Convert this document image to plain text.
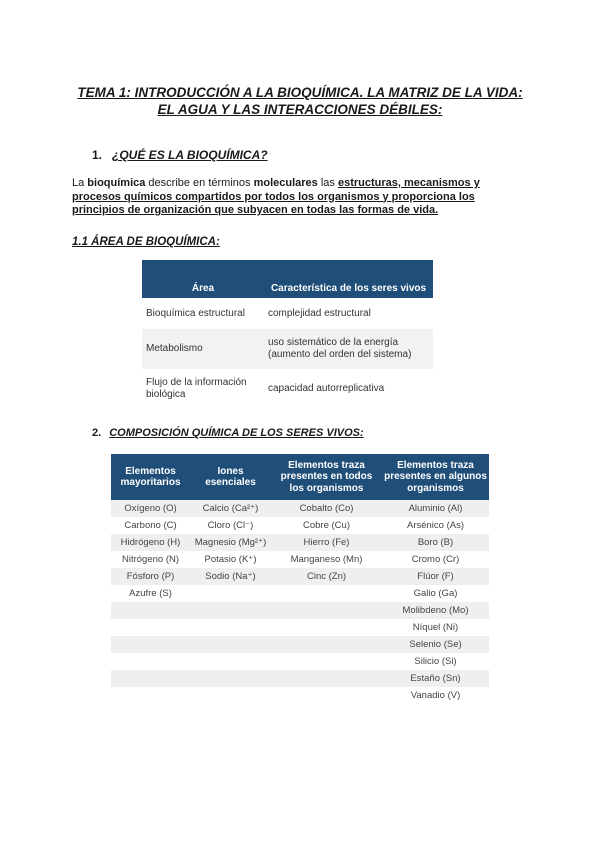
TEMA 1: INTRODUCCIÓN A LA BIOQUÍMICA. LA MATRIZ DE LA VIDA:
EL AGUA Y LAS INTERACCIONES DÉBILES:
1. ¿QUÉ ES LA BIOQUÍMICA?

La bioquímica describe en términos moleculares las estructuras, mecanismos y procesos químicos compartidos por todos los organismos y proporciona los principios de organización que subyacen en todas las formas de vida.

1.1 ÁREA DE BIOQUÍMICA:
Área	Característica de los seres vivos
Bioquímica estructural	complejidad estructural
Metabolismo	uso sistemático de la energía (aumento del orden del sistema)
Flujo de la información biológica	capacidad autorreplicativa
2. COMPOSICIÓN QUÍMICA DE LOS SERES VIVOS:
Elementos mayoritarios	Iones esenciales	Elementos traza presentes en todos los organismos	Elementos traza presentes en algunos organismos
Oxígeno (O)	Calcio (Ca²⁺)	Cobalto (Co)	Aluminio (Al)
Carbono (C)	Cloro (Cl⁻)	Cobre (Cu)	Arsénico (As)
Hidrógeno (H)	Magnesio (Mg²⁺)	Hierro (Fe)	Boro (B)
Nitrógeno (N)	Potasio (K⁺)	Manganeso (Mn)	Cromo (Cr)
Fósforo (P)	Sodio (Na⁺)	Cinc (Zn)	Flúor (F)
Azufre (S)			Galio (Ga)
			Molibdeno (Mo)
			Níquel (Ni)
			Selenio (Se)
			Silicio (Si)
			Estaño (Sn)
			Vanadio (V)
